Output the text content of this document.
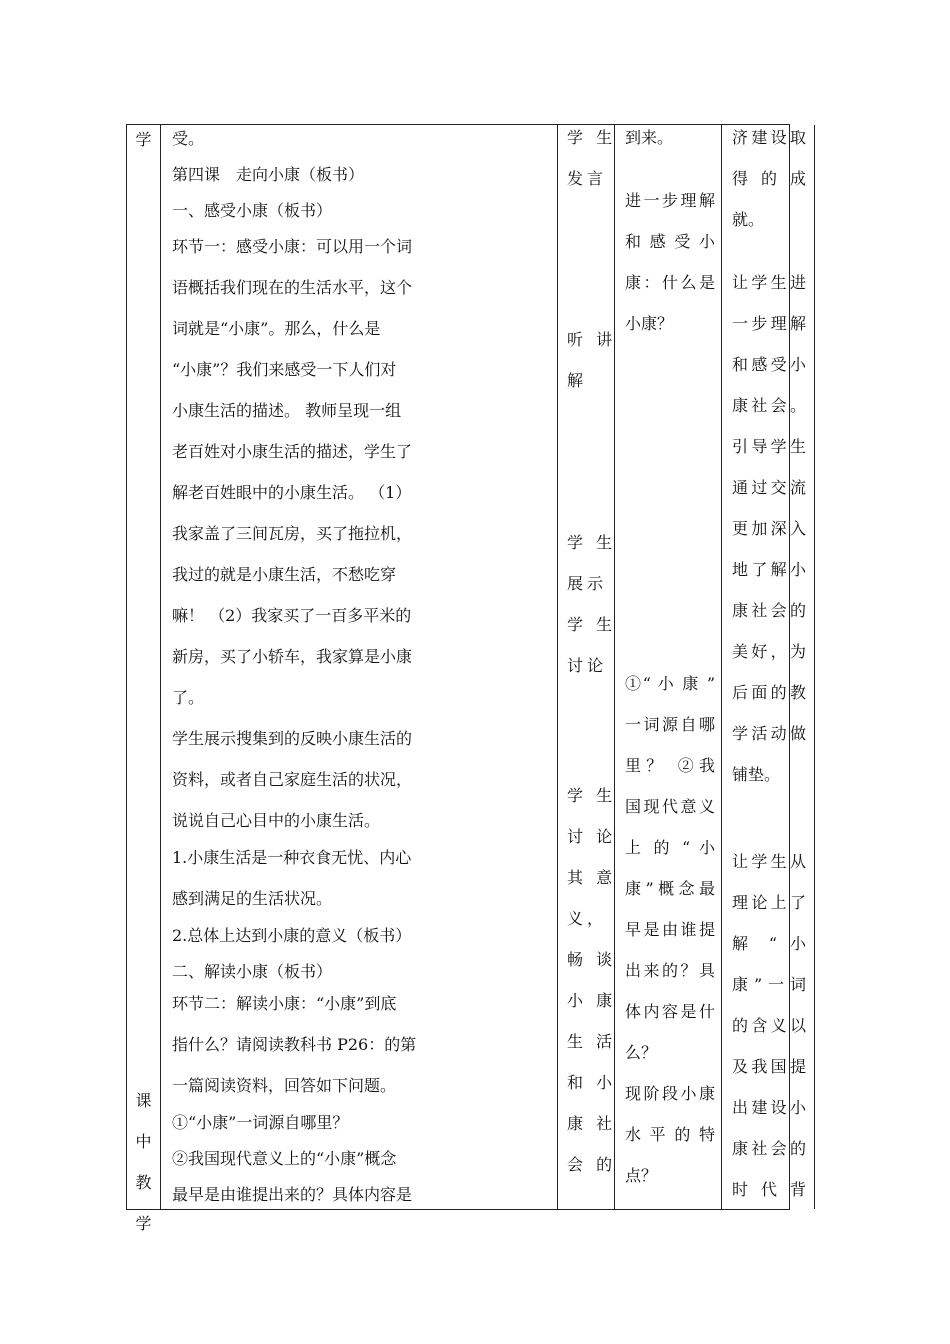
学
课
中
教
学
受。
第四课　走向小康（板书）
一、感受小康（板书）
环节一：感受小康：可以用一个词
语概括我们现在的生活水平，这个
词就是“小康”。那么，什么是
“小康”？我们来感受一下人们对
小康生活的描述。 教师呈现一组
老百姓对小康生活的描述，学生了
解老百姓眼中的小康生活。 （1）
我家盖了三间瓦房，买了拖拉机，
我过的就是小康生活，不愁吃穿
嘛！ （2）我家买了一百多平米的
新房，买了小轿车，我家算是小康
了。
学生展示搜集到的反映小康生活的
资料，或者自己家庭生活的状况，
说说自己心目中的小康生活。
1.小康生活是一种衣食无忧、内心
感到满足的生活状况。
2.总体上达到小康的意义（板书）
二、解读小康（板书）
环节二：解读小康：“小康”到底
指什么？请阅读教科书 P26：的第
一篇阅读资料，回答如下问题。
①“小康”一词源自哪里？
②我国现代意义上的“小康”概念
最早是由谁提出来的？具体内容是
学 生
发言
听 讲
解
学 生
展示
学 生
讨论
学 生
讨 论
其 意
义，
畅 谈
小 康
生 活
和 小
康 社
会 的
到来。
进一步理解
和 感 受 小
康：什么是
小康？
①“ 小 康 ”
一词源自哪
里？ ②我
国现代意义
上 的 “ 小
康”概念最
早是由谁提
出来的？具
体内容是什
么？
现阶段小康
水 平 的 特
点？
济建设取
得 的 成
就。
让学生进
一步理解
和感受小
康社会。
引导学生
通过交流
更加深入
地了解小
康社会的
美好，为
后面的教
学活动做
铺垫。
让学生从
理论上了
解 “ 小
康”一词
的含义以
及我国提
出建设小
康社会的
时 代 背
